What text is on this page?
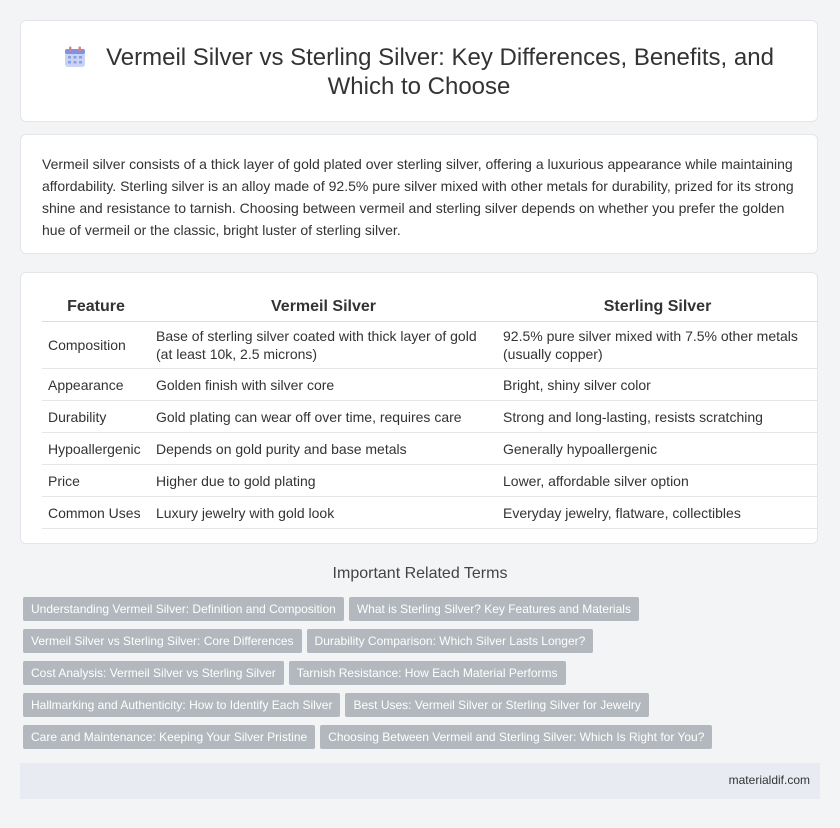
Vermeil Silver vs Sterling Silver: Key Differences, Benefits, and
Which to Choose
Vermeil silver consists of a thick layer of gold plated over sterling silver, offering a luxurious appearance while maintaining affordability. Sterling silver is an alloy made of 92.5% pure silver mixed with other metals for durability, prized for its strong shine and resistance to tarnish. Choosing between vermeil and sterling silver depends on whether you prefer the golden hue of vermeil or the classic, bright luster of sterling silver.
Feature	Vermeil Silver	Sterling Silver
Composition	Base of sterling silver coated with thick layer of gold (at least 10k, 2.5 microns)	92.5% pure silver mixed with 7.5% other metals (usually copper)
Appearance	Golden finish with silver core	Bright, shiny silver color
Durability	Gold plating can wear off over time, requires care	Strong and long-lasting, resists scratching
Hypoallergenic	Depends on gold purity and base metals	Generally hypoallergenic
Price	Higher due to gold plating	Lower, affordable silver option
Common Uses	Luxury jewelry with gold look	Everyday jewelry, flatware, collectibles
Important Related Terms
Understanding Vermeil Silver: Definition and Composition What is Sterling Silver? Key Features and Materials
Vermeil Silver vs Sterling Silver: Core Differences Durability Comparison: Which Silver Lasts Longer?
Cost Analysis: Vermeil Silver vs Sterling Silver Tarnish Resistance: How Each Material Performs
Hallmarking and Authenticity: How to Identify Each Silver Best Uses: Vermeil Silver or Sterling Silver for Jewelry
Care and Maintenance: Keeping Your Silver Pristine Choosing Between Vermeil and Sterling Silver: Which Is Right for You?
materialdif.com
